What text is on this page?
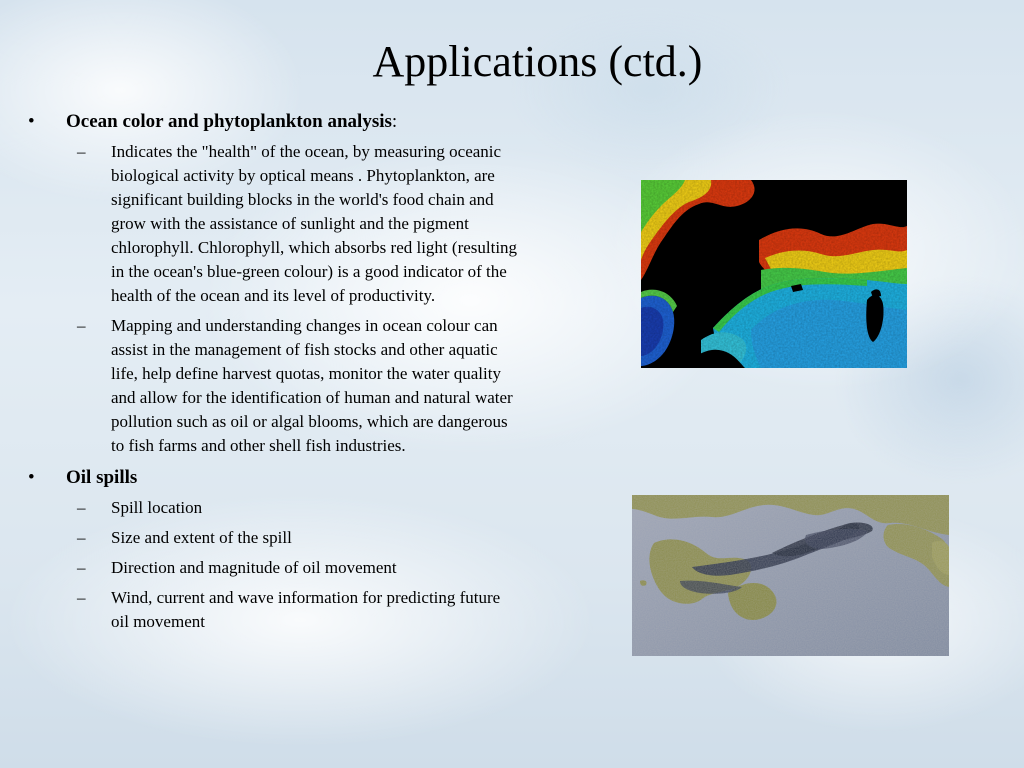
Applications (ctd.)

• Ocean color and phytoplankton analysis:

– Indicates the "health" of the ocean, by measuring oceanic biological activity by optical means . Phytoplankton, are significant building blocks in the world's food chain and grow with the assistance of sunlight and the pigment chlorophyll. Chlorophyll, which absorbs red light (resulting in the ocean's blue-green colour) is a good indicator of the health of the ocean and its level of productivity.

– Mapping and understanding changes in ocean colour can assist in the management of fish stocks and other aquatic life, help define harvest quotas, monitor the water quality and allow for the identification of human and natural water pollution such as oil or algal blooms, which are dangerous to fish farms and other shell fish industries.

• Oil spills

– Spill location

– Size and extent of the spill

– Direction and magnitude of oil movement

– Wind, current and wave information for predicting future oil movement
